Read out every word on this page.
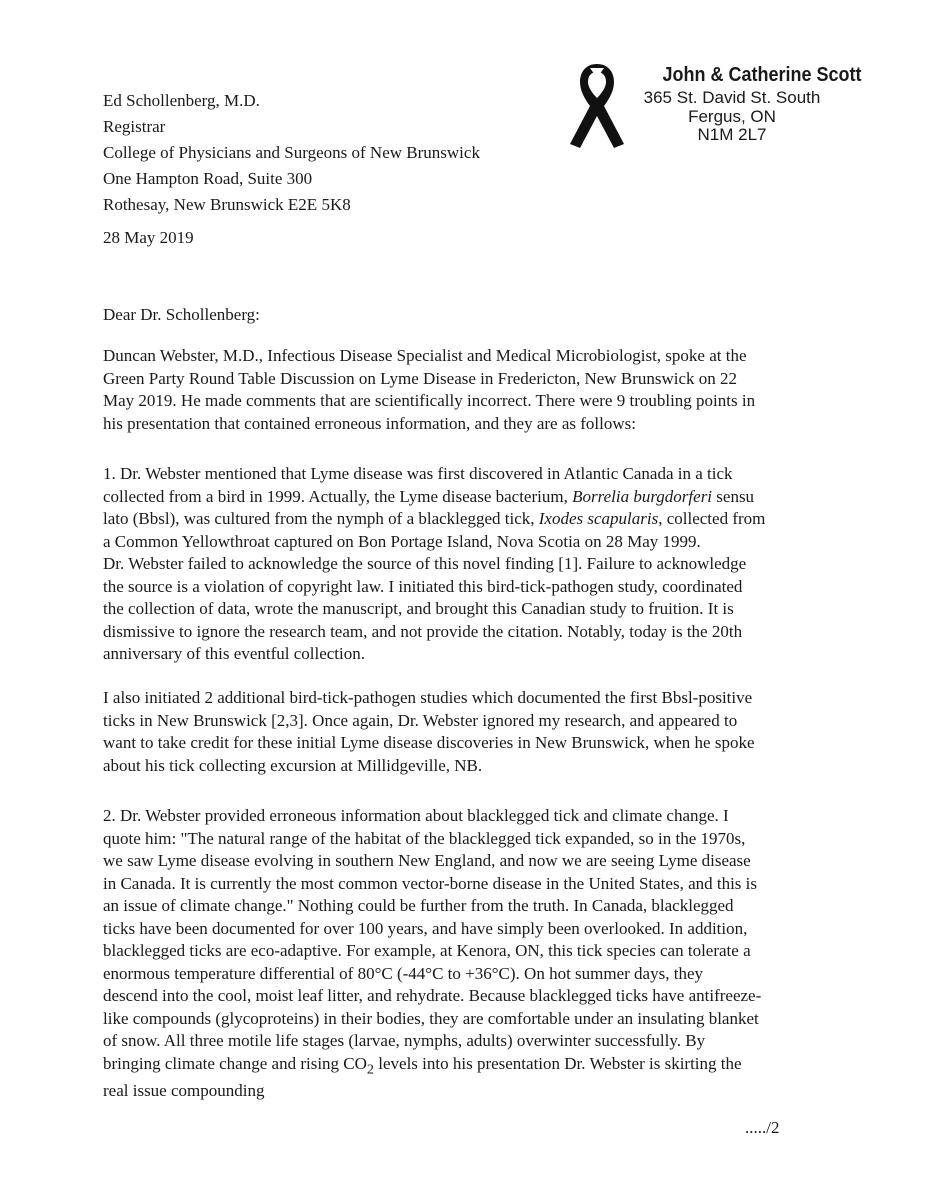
John & Catherine Scott
365 St. David St. South
Fergus, ON
N1M 2L7
Ed Schollenberg, M.D.
Registrar
College of Physicians and Surgeons of New Brunswick
One Hampton Road, Suite 300
Rothesay, New Brunswick E2E 5K8
28 May 2019
Dear Dr. Schollenberg:
Duncan Webster, M.D., Infectious Disease Specialist and Medical Microbiologist, spoke at the
Green Party Round Table Discussion on Lyme Disease in Fredericton, New Brunswick on 22
May 2019. He made comments that are scientifically incorrect. There were 9 troubling points in
his presentation that contained erroneous information, and they are as follows:
1. Dr. Webster mentioned that Lyme disease was first discovered in Atlantic Canada in a tick
collected from a bird in 1999. Actually, the Lyme disease bacterium, Borrelia burgdorferi sensu
lato (Bbsl), was cultured from the nymph of a blacklegged tick, Ixodes scapularis, collected from
a Common Yellowthroat captured on Bon Portage Island, Nova Scotia on 28 May 1999.
Dr. Webster failed to acknowledge the source of this novel finding [1]. Failure to acknowledge
the source is a violation of copyright law. I initiated this bird-tick-pathogen study, coordinated
the collection of data, wrote the manuscript, and brought this Canadian study to fruition. It is
dismissive to ignore the research team, and not provide the citation. Notably, today is the 20th
anniversary of this eventful collection.
I also initiated 2 additional bird-tick-pathogen studies which documented the first Bbsl-positive
ticks in New Brunswick [2,3]. Once again, Dr. Webster ignored my research, and appeared to
want to take credit for these initial Lyme disease discoveries in New Brunswick, when he spoke
about his tick collecting excursion at Millidgeville, NB.
2. Dr. Webster provided erroneous information about blacklegged tick and climate change. I
quote him: "The natural range of the habitat of the blacklegged tick expanded, so in the 1970s,
we saw Lyme disease evolving in southern New England, and now we are seeing Lyme disease
in Canada. It is currently the most common vector-borne disease in the United States, and this is
an issue of climate change." Nothing could be further from the truth. In Canada, blacklegged
ticks have been documented for over 100 years, and have simply been overlooked. In addition,
blacklegged ticks are eco-adaptive. For example, at Kenora, ON, this tick species can tolerate a
enormous temperature differential of 80°C (-44°C to +36°C). On hot summer days, they
descend into the cool, moist leaf litter, and rehydrate. Because blacklegged ticks have antifreeze-
like compounds (glycoproteins) in their bodies, they are comfortable under an insulating blanket
of snow. All three motile life stages (larvae, nymphs, adults) overwinter successfully. By
bringing climate change and rising $CO_2$ levels into his presentation Dr. Webster is skirting the
real issue compounding
...../2
